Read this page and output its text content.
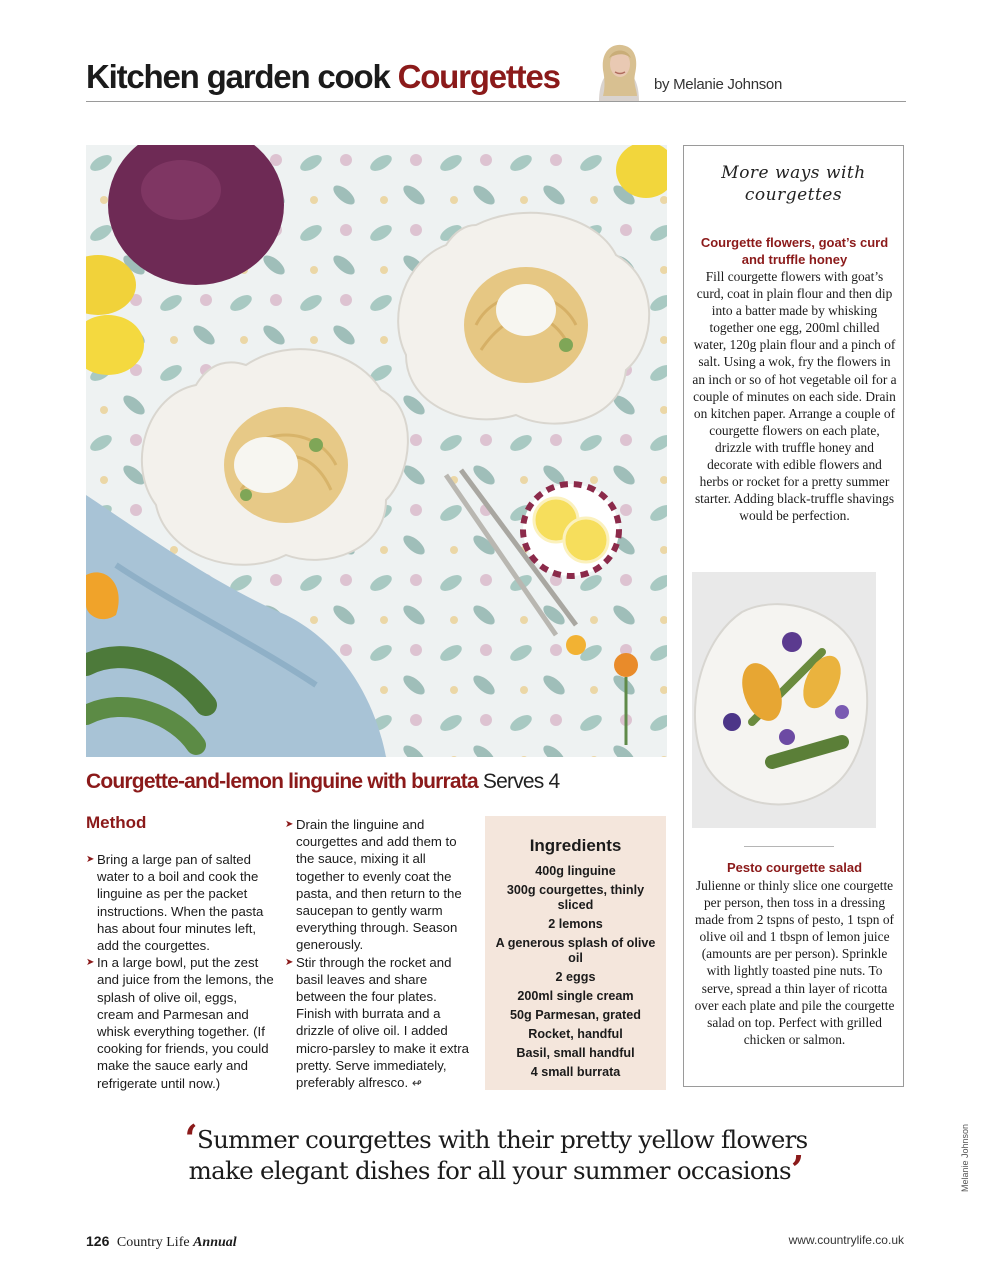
Kitchen garden cook Courgettes	by Melanie Johnson
Courgette-and-lemon linguine with burrata Serves 4
Method
➤ Bring a large pan of salted water to a boil and cook the linguine as per the packet instructions. When the pasta has about four minutes left, add the courgettes.
➤ In a large bowl, put the zest and juice from the lemons, the splash of olive oil, eggs, cream and Parmesan and whisk everything together. (If cooking for friends, you could make the sauce early and refrigerate until now.)
➤ Drain the linguine and courgettes and add them to the sauce, mixing it all together to evenly coat the pasta, and then return to the saucepan to gently warm everything through. Season generously.
➤ Stir through the rocket and basil leaves and share between the four plates. Finish with burrata and a drizzle of olive oil. I added micro-parsley to make it extra pretty. Serve immediately, preferably alfresco. ↫
Ingredients
400g linguine
300g courgettes, thinly sliced
2 lemons
A generous splash of olive oil
2 eggs
200ml single cream
50g Parmesan, grated
Rocket, handful
Basil, small handful
4 small burrata
More ways with
courgettes
Courgette flowers, goat’s curd and truffle honey
Fill courgette flowers with goat’s curd, coat in plain flour and then dip into a batter made by whisking together one egg, 200ml chilled water, 120g plain flour and a pinch of salt. Using a wok, fry the flowers in an inch or so of hot vegetable oil for a couple of minutes on each side. Drain on kitchen paper. Arrange a couple of courgette flowers on each plate, drizzle with truffle honey and decorate with edible flowers and herbs or rocket for a pretty summer starter. Adding black-truffle shavings would be perfection.
Pesto courgette salad
Julienne or thinly slice one courgette per person, then toss in a dressing made from 2 tspns of pesto, 1 tspn of olive oil and 1 tbspn of lemon juice (amounts are per person). Sprinkle with lightly toasted pine nuts. To serve, spread a thin layer of ricotta over each plate and pile the courgette salad on top. Perfect with grilled chicken or salmon.
‘Summer courgettes with their pretty yellow flowers make elegant dishes for all your summer occasions’	Melanie Johnson
126 Country Life Annual	www.countrylife.co.uk
